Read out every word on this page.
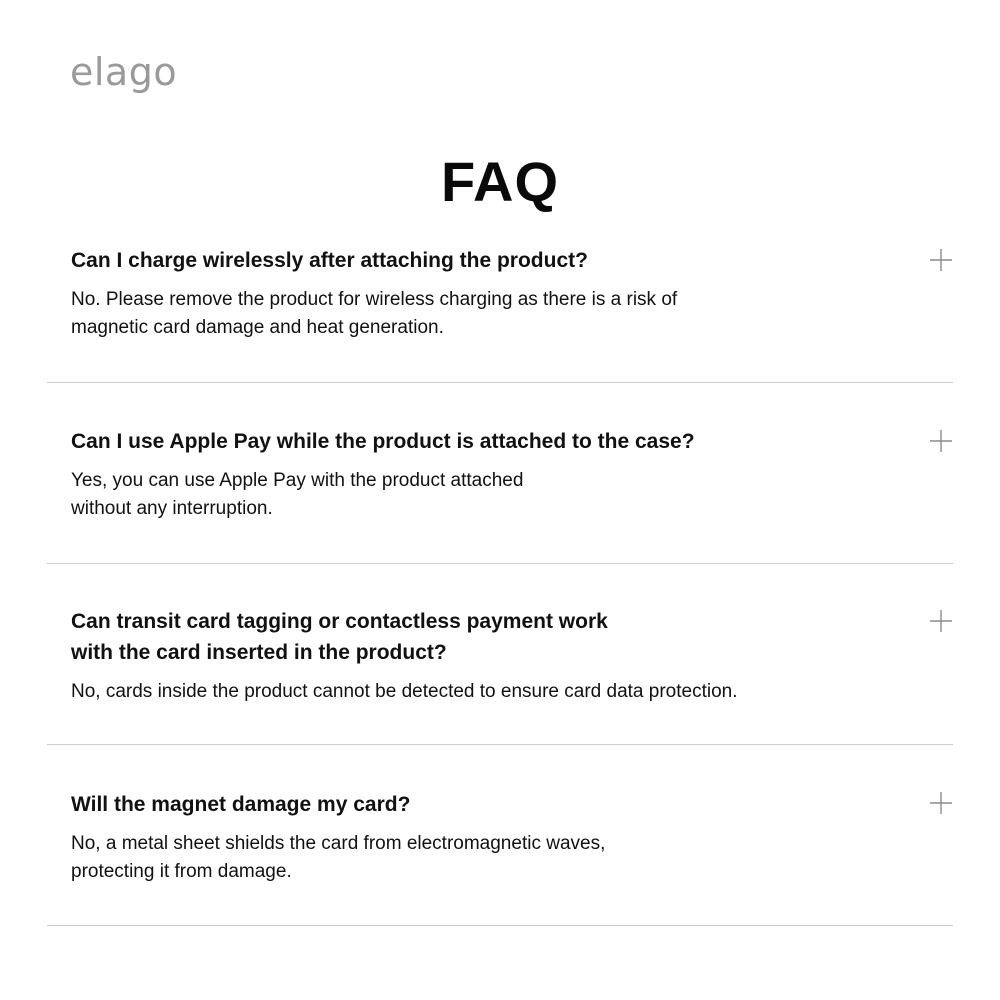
elago
FAQ

Can I charge wirelessly after attaching the product?

No. Please remove the product for wireless charging as there is a risk of
magnetic card damage and heat generation.

Can I use Apple Pay while the product is attached to the case?

Yes, you can use Apple Pay with the product attached
without any interruption.

Can transit card tagging or contactless payment work
with the card inserted in the product?

No, cards inside the product cannot be detected to ensure card data protection.

Will the magnet damage my card?

No, a metal sheet shields the card from electromagnetic waves,
protecting it from damage.
